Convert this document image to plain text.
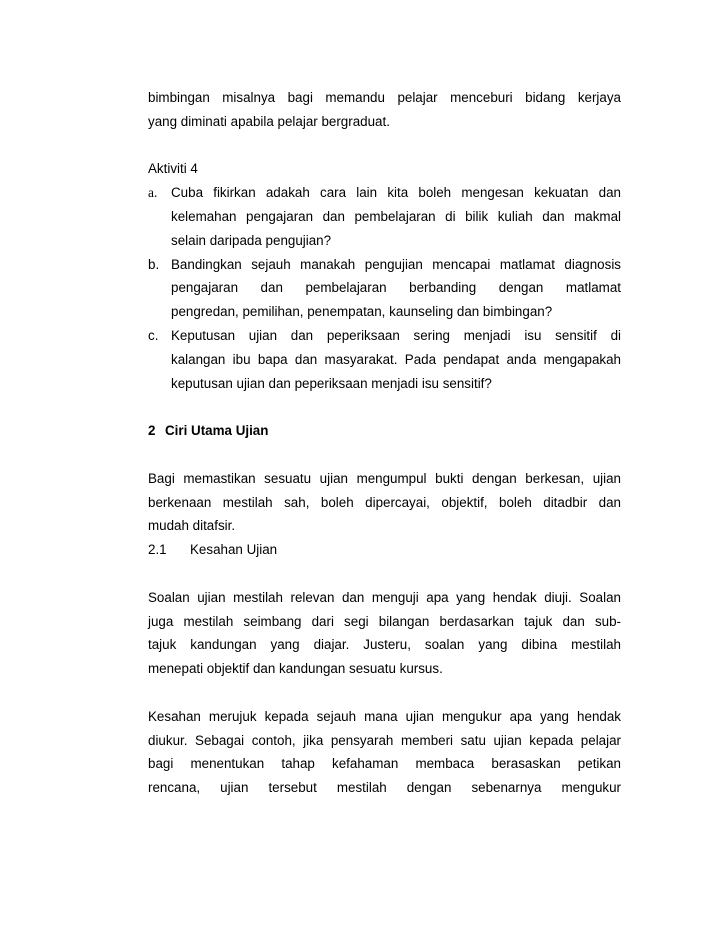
bimbingan misalnya bagi memandu pelajar menceburi bidang kerjaya

yang diminati apabila pelajar bergraduat.

Aktiviti 4

a.	Cuba fikirkan adakah cara lain kita boleh mengesan kekuatan dan

kelemahan pengajaran dan pembelajaran di bilik kuliah dan makmal

selain daripada pengujian?

b. Bandingkan sejauh manakah pengujian mencapai matlamat diagnosis

pengajaran dan pembelajaran berbanding dengan matlamat

pengredan, pemilihan, penempatan, kaunseling dan bimbingan?

c. Keputusan ujian dan peperiksaan sering menjadi isu sensitif di

kalangan ibu bapa dan masyarakat. Pada pendapat anda mengapakah

keputusan ujian dan peperiksaan menjadi isu sensitif?

2 Ciri Utama Ujian

Bagi memastikan sesuatu ujian mengumpul bukti dengan berkesan, ujian

berkenaan mestilah sah, boleh dipercayai, objektif, boleh ditadbir dan

mudah ditafsir.

2.1 Kesahan Ujian

Soalan ujian mestilah relevan dan menguji apa yang hendak diuji. Soalan

juga mestilah seimbang dari segi bilangan berdasarkan tajuk dan sub-

tajuk kandungan yang diajar. Justeru, soalan yang dibina mestilah

menepati objektif dan kandungan sesuatu kursus.

Kesahan merujuk kepada sejauh mana ujian mengukur apa yang hendak

diukur. Sebagai contoh, jika pensyarah memberi satu ujian kepada pelajar

bagi menentukan tahap kefahaman membaca berasaskan petikan

rencana, ujian tersebut mestilah dengan sebenarnya mengukur
